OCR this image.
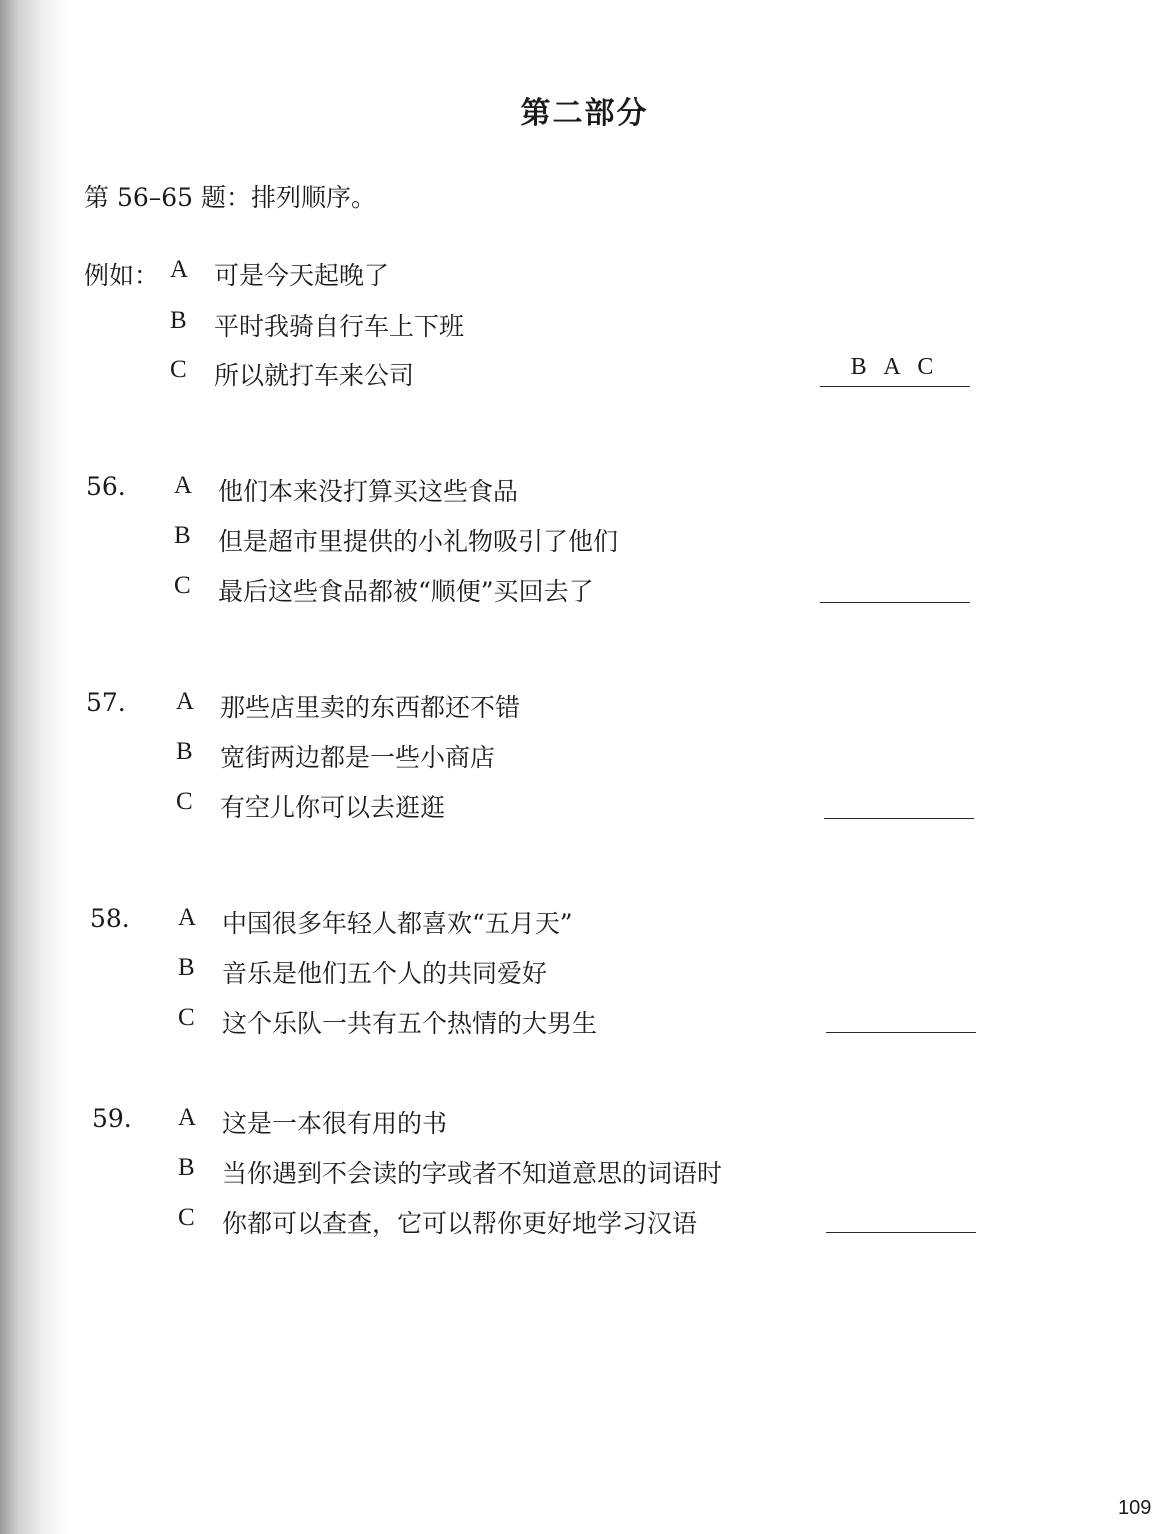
第二部分
第 56–65 题：排列顺序。
例如： A	可是今天起晚了
B	平时我骑自行车上下班
C	所以就打车来公司	B A C
56. A	他们本来没打算买这些食品
B	但是超市里提供的小礼物吸引了他们
C	最后这些食品都被“顺便”买回去了
57. A	那些店里卖的东西都还不错
B	宽街两边都是一些小商店
C	有空儿你可以去逛逛
58. A	中国很多年轻人都喜欢“五月天”
B	音乐是他们五个人的共同爱好
C	这个乐队一共有五个热情的大男生
59. A	这是一本很有用的书
B	当你遇到不会读的字或者不知道意思的词语时
C	你都可以查查，它可以帮你更好地学习汉语
109
